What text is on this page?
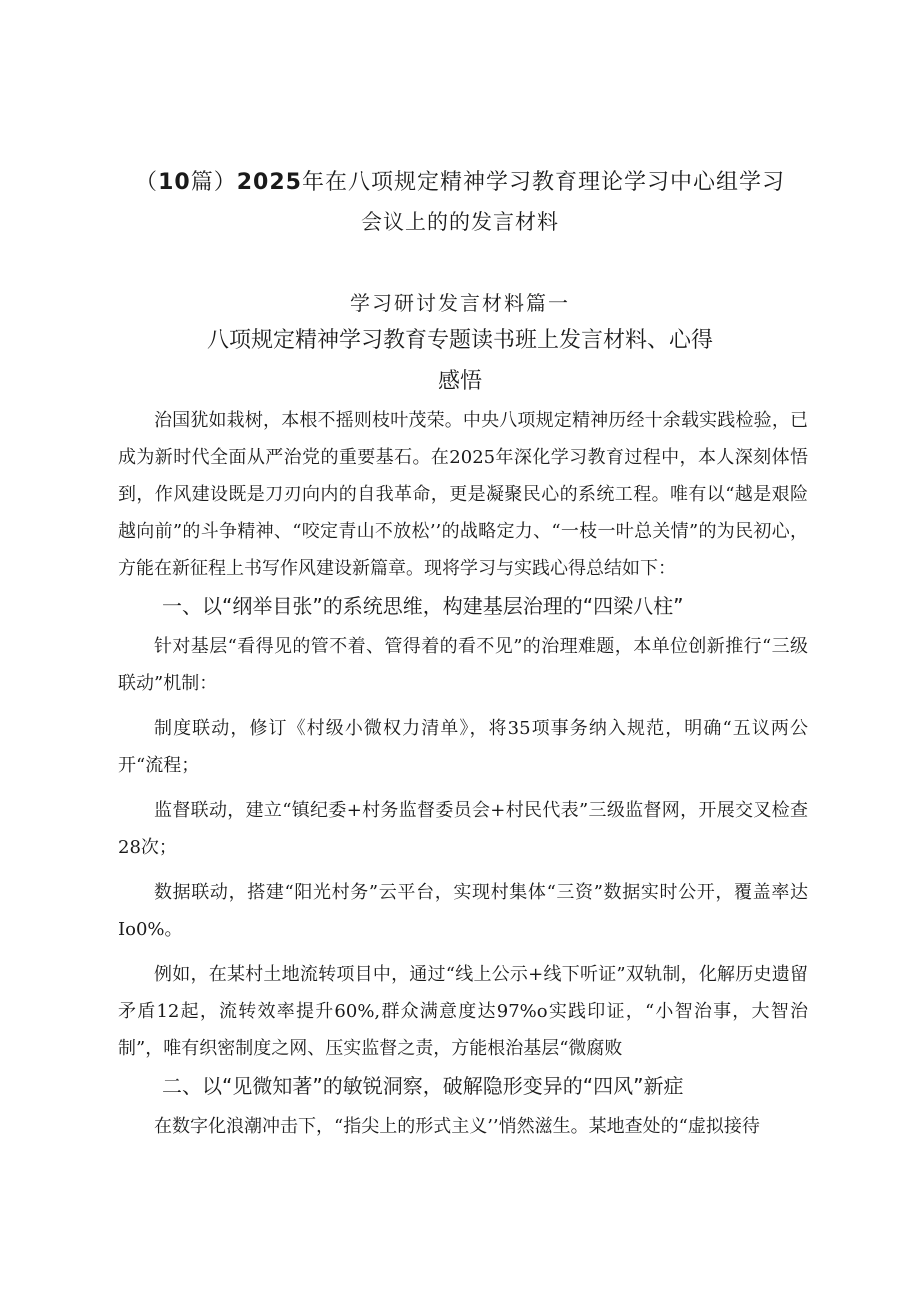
（10篇）2025年在八项规定精神学习教育理论学习中心组学习
会议上的的发言材料
学习研讨发言材料篇一
八项规定精神学习教育专题读书班上发言材料、心得
感悟

治国犹如栽树，本根不摇则枝叶茂荣。中央八项规定精神历经十余载实践检验，已成为新时代全面从严治党的重要基石。在2025年深化学习教育过程中，本人深刻体悟到，作风建设既是刀刃向内的自我革命，更是凝聚民心的系统工程。唯有以“越是艰险越向前”的斗争精神、“咬定青山不放松’’的战略定力、“一枝一叶总关情”的为民初心，方能在新征程上书写作风建设新篇章。现将学习与实践心得总结如下：

一、以“纲举目张”的系统思维，构建基层治理的“四梁八柱”

针对基层“看得见的管不着、管得着的看不见”的治理难题，本单位创新推行“三级联动”机制：

制度联动，修订《村级小微权力清单》，将35项事务纳入规范，明确“五议两公开“流程；

监督联动，建立“镇纪委+村务监督委员会+村民代表”三级监督网，开展交叉检查28次；

数据联动，搭建“阳光村务”云平台，实现村集体“三资”数据实时公开，覆盖率达Io0%。

例如，在某村土地流转项目中，通过“线上公示+线下听证”双轨制，化解历史遗留矛盾12起，流转效率提升60%,群众满意度达97%o实践印证，“小智治事，大智治制”，唯有织密制度之网、压实监督之责，方能根治基层“微腐败

二、以“见微知著”的敏锐洞察，破解隐形变异的“四风”新症

在数字化浪潮冲击下，“指尖上的形式主义’’悄然滋生。某地查处的“虚拟接待
